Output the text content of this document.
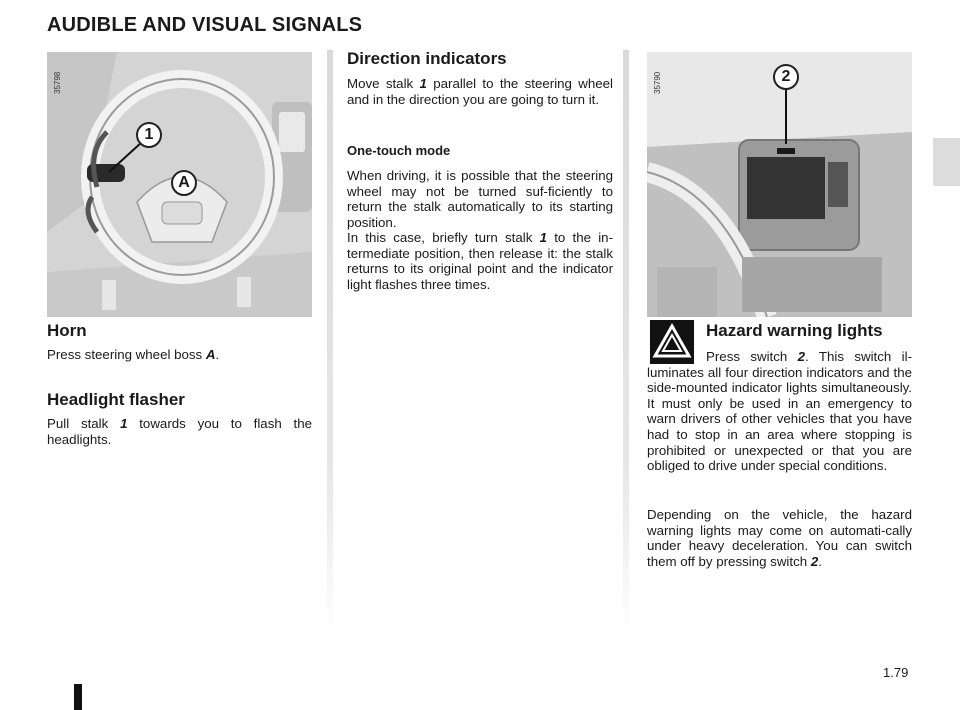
AUDIBLE AND VISUAL SIGNALS
1
A
35798	2
35790
Horn

Press steering wheel boss A.

Headlight flasher

Pull stalk 1 towards you to flash the headlights.

Direction indicators

Move stalk 1 parallel to the steering wheel and in the direction you are going to turn it.

One-touch mode

When driving, it is possible that the steering wheel may not be turned suf-ficiently to return the stalk automatically to its starting position.

In this case, briefly turn stalk 1 to the in-termediate position, then release it: the stalk returns to its original point and the indicator light flashes three times.

Hazard warning lights

Press switch 2. This switch il-luminates all four direction indicators and the side-mounted indicator lights simultaneously. It must only be used in an emergency to warn drivers of other vehicles that you have had to stop in an area where stopping is prohibited or unexpected or that you are obliged to drive under special conditions.

Depending on the vehicle, the hazard warning lights may come on automati-cally under heavy deceleration. You can switch them off by pressing switch 2.

1.79
